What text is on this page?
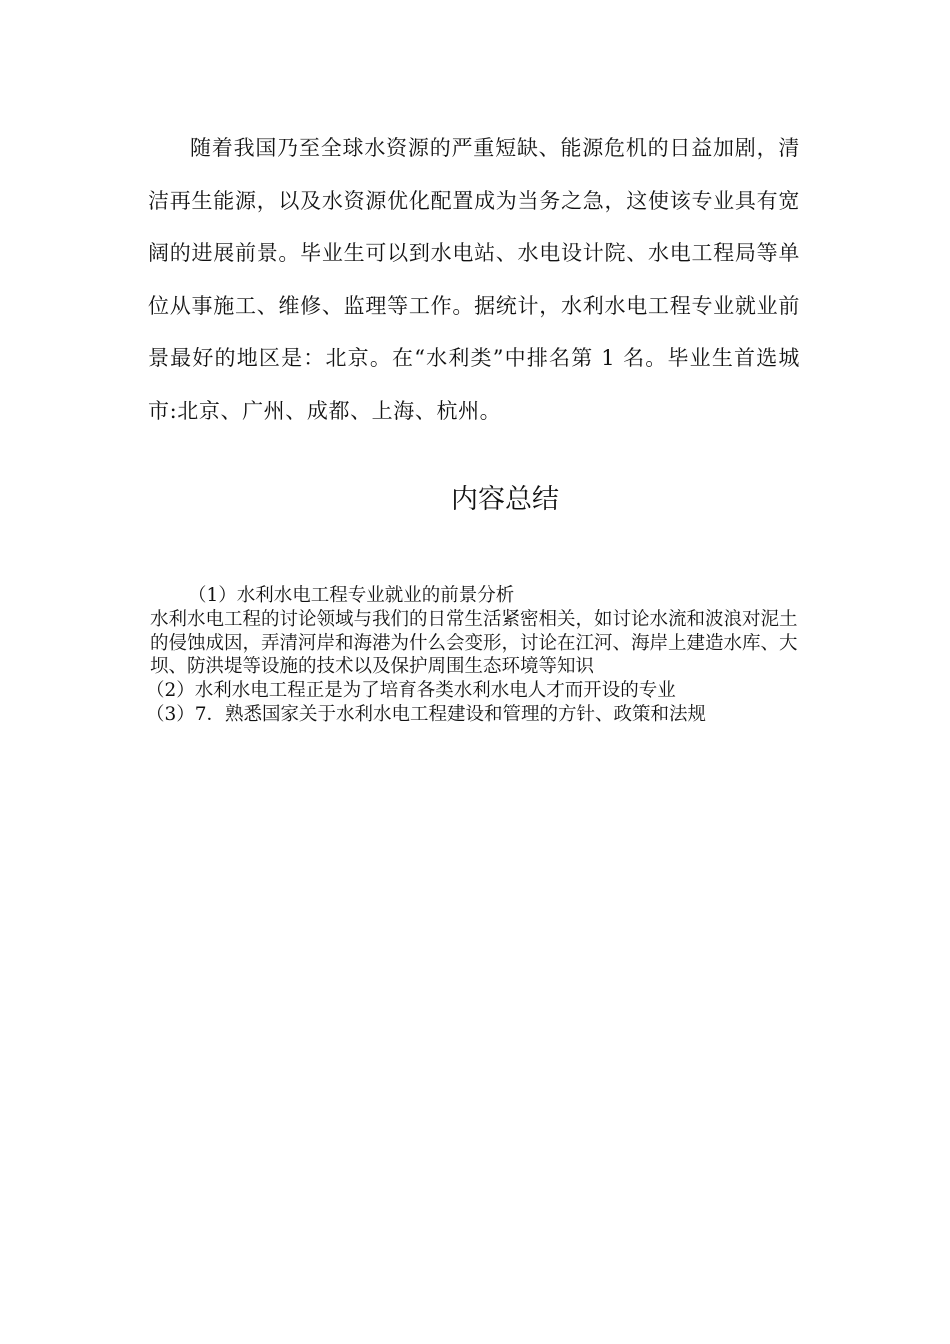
随着我国乃至全球水资源的严重短缺、能源危机的日益加剧，清洁再生能源，以及水资源优化配置成为当务之急，这使该专业具有宽阔的进展前景。毕业生可以到水电站、水电设计院、水电工程局等单位从事施工、维修、监理等工作。据统计，水利水电工程专业就业前景最好的地区是：北京。在“水利类”中排名第 1 名。毕业生首选城市:北京、广州、成都、上海、杭州。

内容总结

（1）水利水电工程专业就业的前景分析

水利水电工程的讨论领域与我们的日常生活紧密相关，如讨论水流和波浪对泥土的侵蚀成因，弄清河岸和海港为什么会变形，讨论在江河、海岸上建造水库、大坝、防洪堤等设施的技术以及保护周围生态环境等知识

（2）水利水电工程正是为了培育各类水利水电人才而开设的专业

（3）7．熟悉国家关于水利水电工程建设和管理的方针、政策和法规
